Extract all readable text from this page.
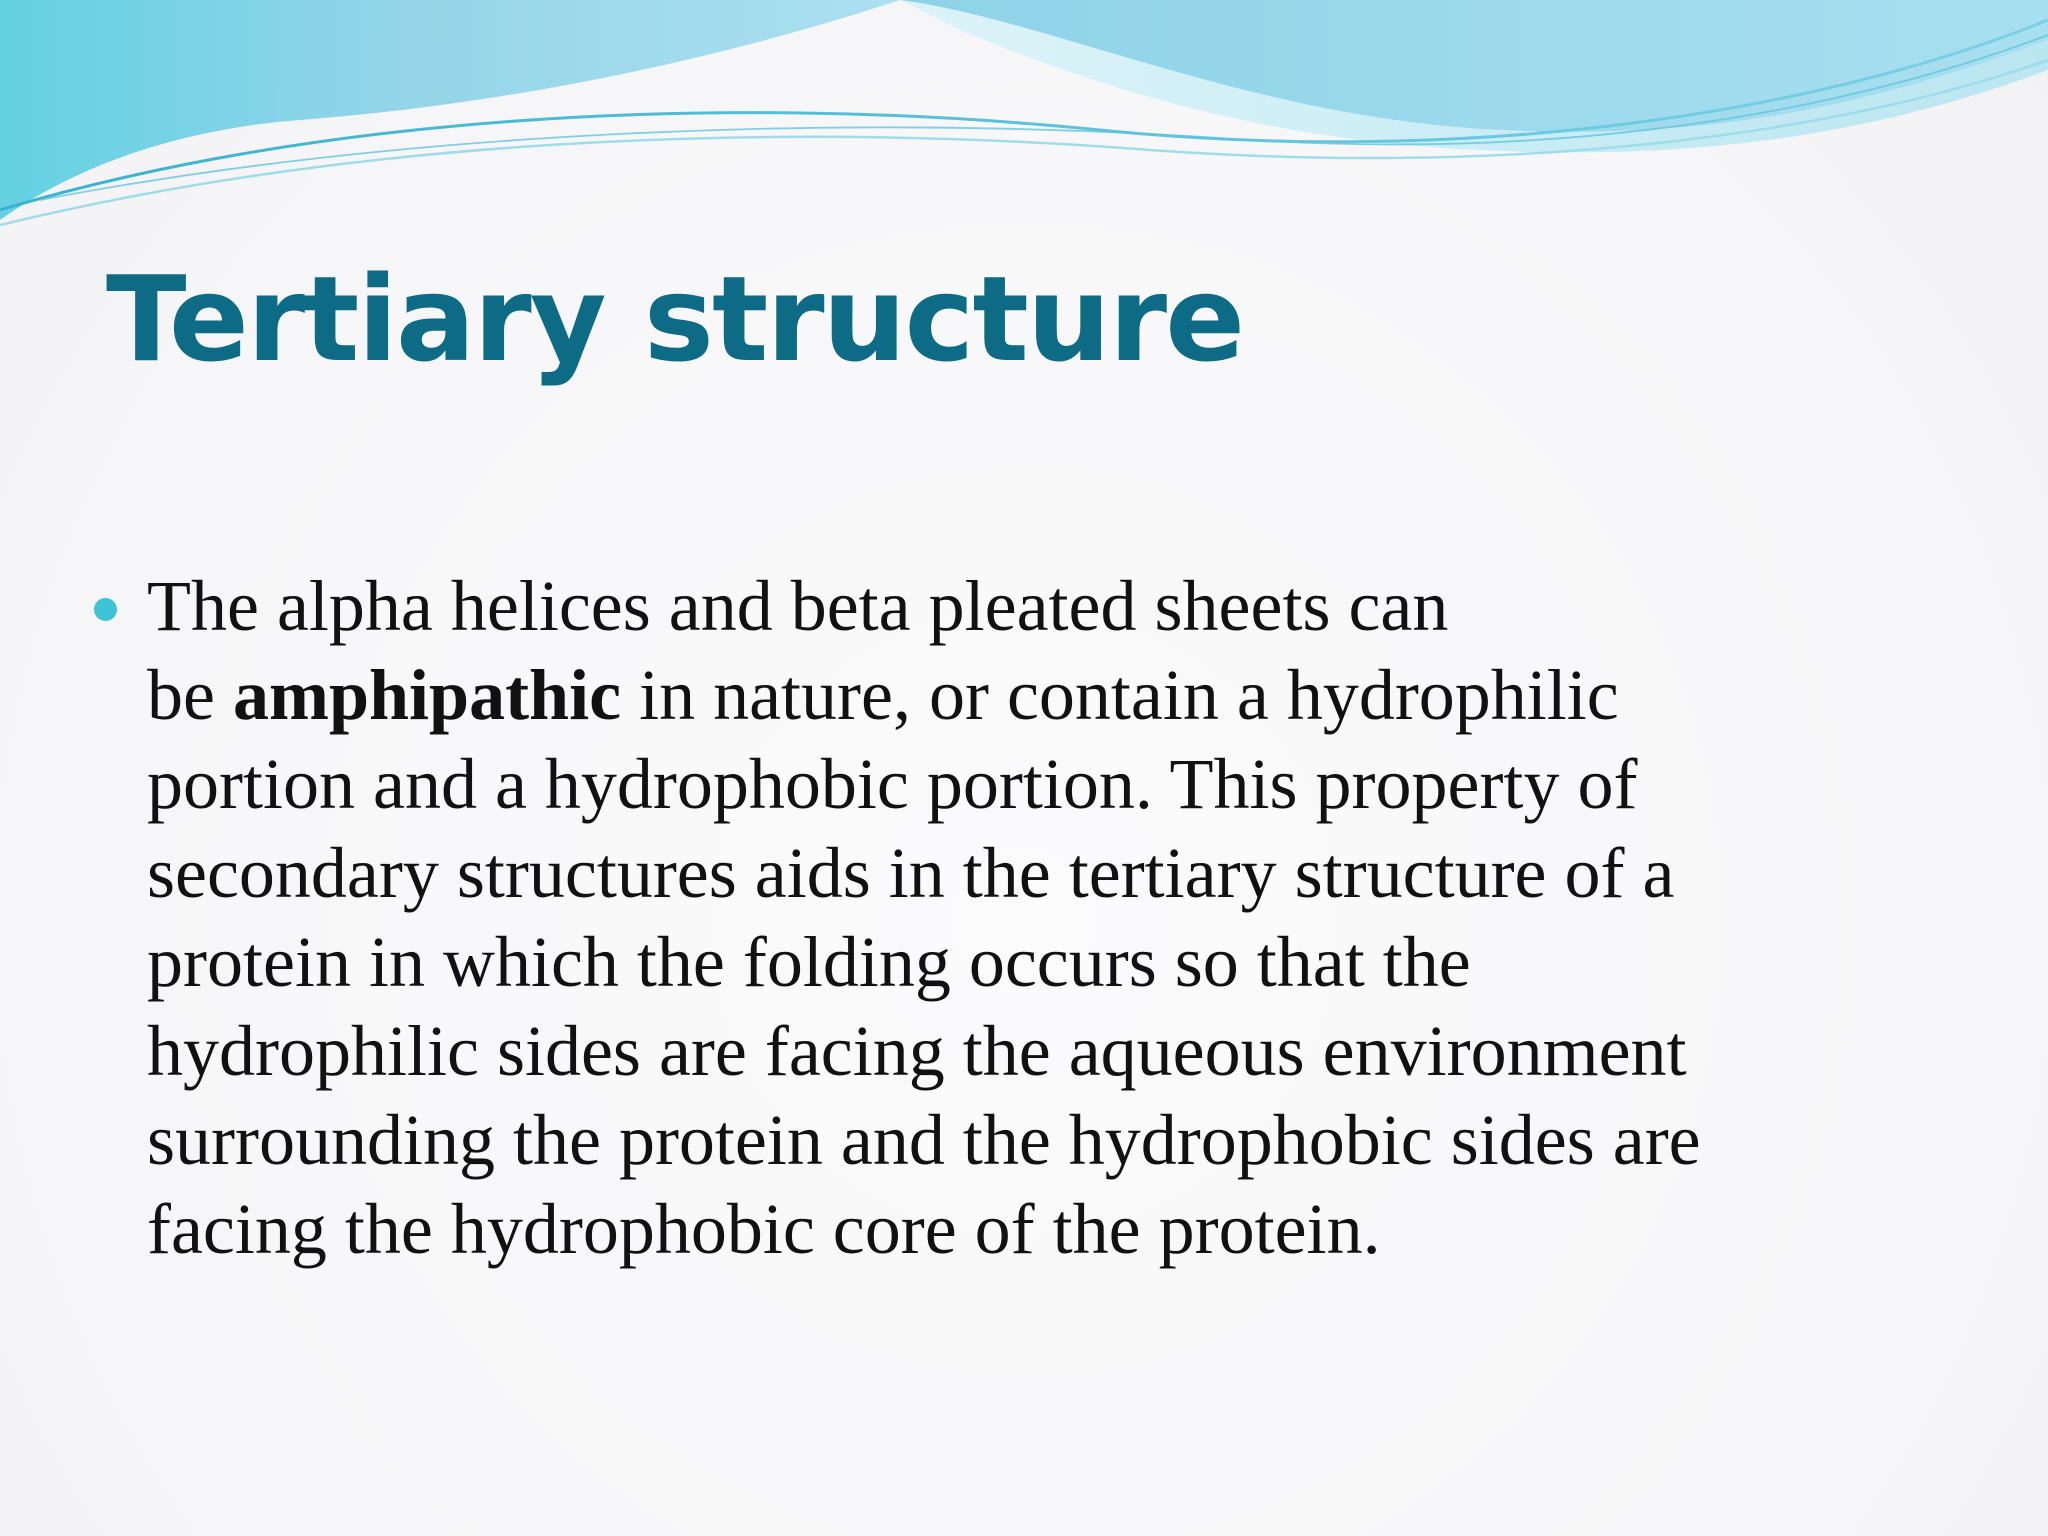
Tertiary structure

The alpha helices and beta pleated sheets can
be amphipathic in nature, or contain a hydrophilic
portion and a hydrophobic portion. This property of
secondary structures aids in the tertiary structure of a
protein in which the folding occurs so that the
hydrophilic sides are facing the aqueous environment
surrounding the protein and the hydrophobic sides are
facing the hydrophobic core of the protein.
